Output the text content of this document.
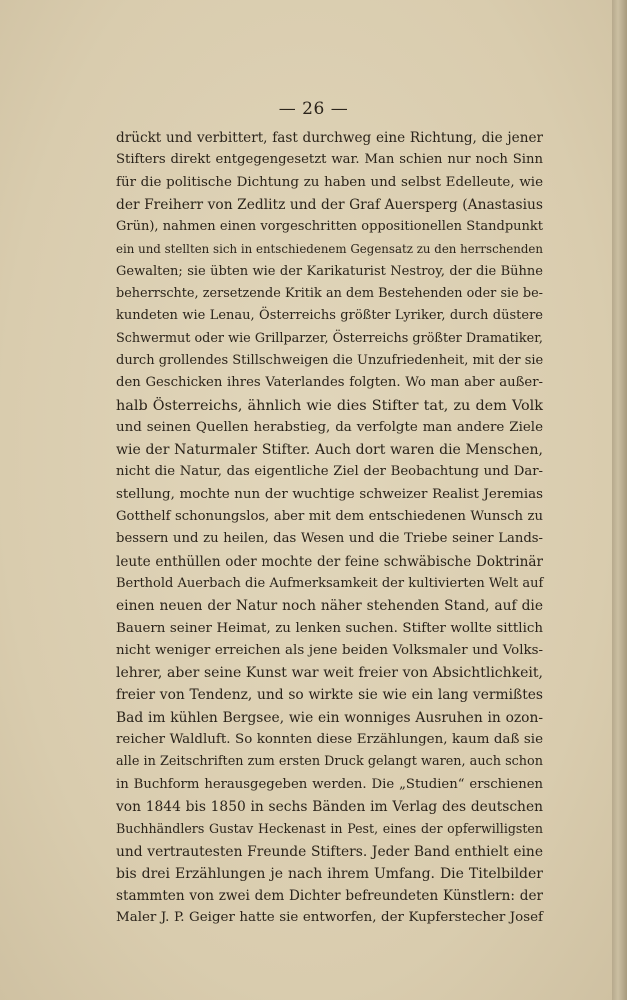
— 26 —
drückt und verbittert, fast durchweg eine Richtung, die jener
Stifters direkt entgegengesetzt war. Man schien nur noch Sinn
für die politische Dichtung zu haben und selbst Edelleute, wie
der Freiherr von Zedlitz und der Graf Auersperg (Anastasius
Grün), nahmen einen vorgeschritten oppositionellen Standpunkt
ein und stellten sich in entschiedenem Gegensatz zu den herrschenden
Gewalten; sie übten wie der Karikaturist Nestroy, der die Bühne
beherrschte, zersetzende Kritik an dem Bestehenden oder sie be-
kundeten wie Lenau, Österreichs größter Lyriker, durch düstere
Schwermut oder wie Grillparzer, Österreichs größter Dramatiker,
durch grollendes Stillschweigen die Unzufriedenheit, mit der sie
den Geschicken ihres Vaterlandes folgten. Wo man aber außer-
halb Österreichs, ähnlich wie dies Stifter tat, zu dem Volk
und seinen Quellen herabstieg, da verfolgte man andere Ziele
wie der Naturmaler Stifter. Auch dort waren die Menschen,
nicht die Natur, das eigentliche Ziel der Beobachtung und Dar-
stellung, mochte nun der wuchtige schweizer Realist Jeremias
Gotthelf schonungslos, aber mit dem entschiedenen Wunsch zu
bessern und zu heilen, das Wesen und die Triebe seiner Lands-
leute enthüllen oder mochte der feine schwäbische Doktrinär
Berthold Auerbach die Aufmerksamkeit der kultivierten Welt auf
einen neuen der Natur noch näher stehenden Stand, auf die
Bauern seiner Heimat, zu lenken suchen. Stifter wollte sittlich
nicht weniger erreichen als jene beiden Volksmaler und Volks-
lehrer, aber seine Kunst war weit freier von Absichtlichkeit,
freier von Tendenz, und so wirkte sie wie ein lang vermißtes
Bad im kühlen Bergsee, wie ein wonniges Ausruhen in ozon-
reicher Waldluft. So konnten diese Erzählungen, kaum daß sie
alle in Zeitschriften zum ersten Druck gelangt waren, auch schon
in Buchform herausgegeben werden. Die „Studien“ erschienen
von 1844 bis 1850 in sechs Bänden im Verlag des deutschen
Buchhändlers Gustav Heckenast in Pest, eines der opferwilligsten
und vertrautesten Freunde Stifters. Jeder Band enthielt eine
bis drei Erzählungen je nach ihrem Umfang. Die Titelbilder
stammten von zwei dem Dichter befreundeten Künstlern: der
Maler J. P. Geiger hatte sie entworfen, der Kupferstecher Josef
